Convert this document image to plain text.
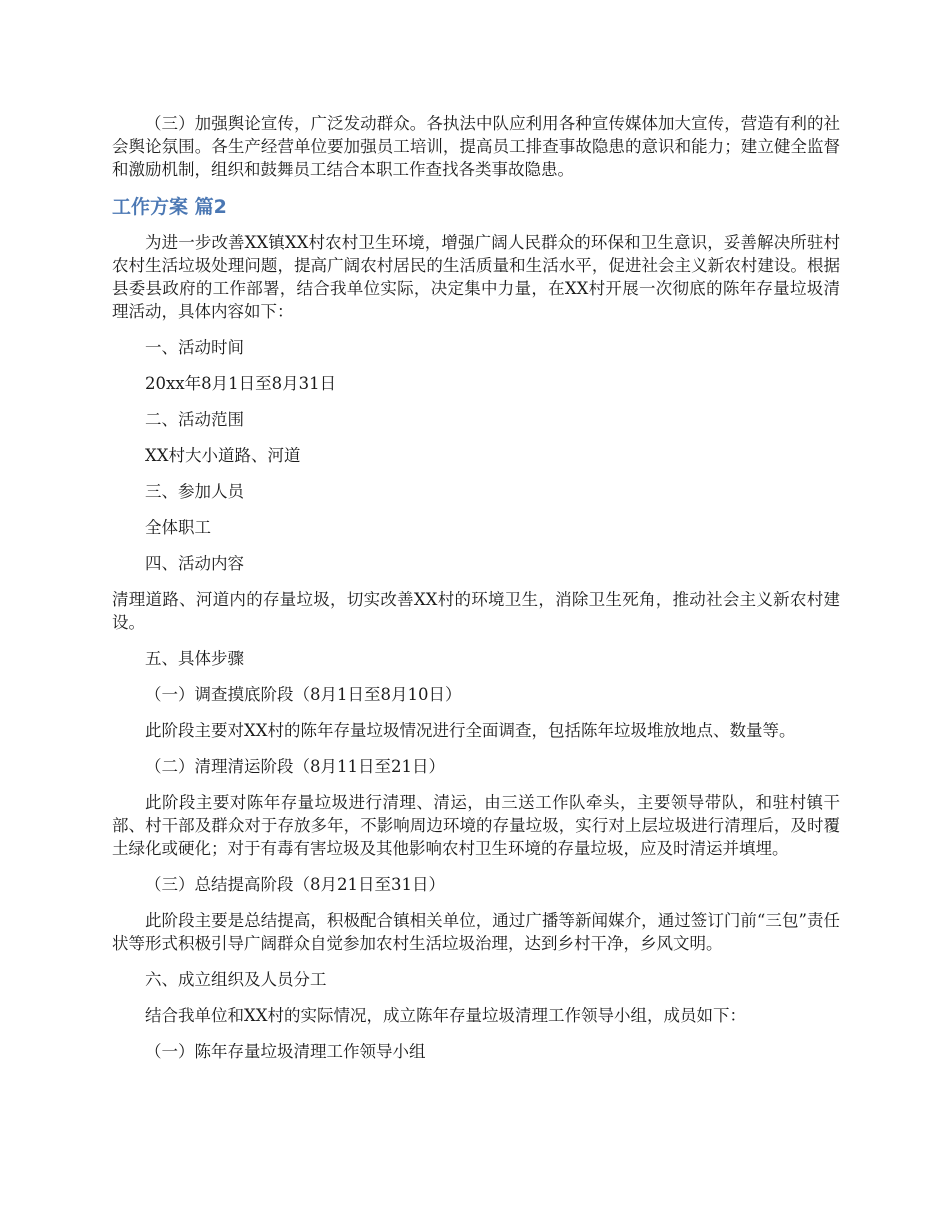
（三）加强舆论宣传，广泛发动群众。各执法中队应利用各种宣传媒体加大宣传，营造有利的社会舆论氛围。各生产经营单位要加强员工培训，提高员工排查事故隐患的意识和能力；建立健全监督和激励机制，组织和鼓舞员工结合本职工作查找各类事故隐患。

工作方案 篇2

为进一步改善XX镇XX村农村卫生环境，增强广阔人民群众的环保和卫生意识，妥善解决所驻村农村生活垃圾处理问题，提高广阔农村居民的生活质量和生活水平，促进社会主义新农村建设。根据县委县政府的工作部署，结合我单位实际，决定集中力量，在XX村开展一次彻底的陈年存量垃圾清理活动，具体内容如下：

一、活动时间

20xx年8月1日至8月31日

二、活动范围

XX村大小道路、河道

三、参加人员

全体职工

四、活动内容

清理道路、河道内的存量垃圾，切实改善XX村的环境卫生，消除卫生死角，推动社会主义新农村建设。

五、具体步骤

（一）调查摸底阶段（8月1日至8月10日）

此阶段主要对XX村的陈年存量垃圾情况进行全面调查，包括陈年垃圾堆放地点、数量等。

（二）清理清运阶段（8月11日至21日）

此阶段主要对陈年存量垃圾进行清理、清运，由三送工作队牵头，主要领导带队，和驻村镇干部、村干部及群众对于存放多年，不影响周边环境的存量垃圾，实行对上层垃圾进行清理后，及时覆土绿化或硬化；对于有毒有害垃圾及其他影响农村卫生环境的存量垃圾，应及时清运并填埋。

（三）总结提高阶段（8月21日至31日）

此阶段主要是总结提高，积极配合镇相关单位，通过广播等新闻媒介，通过签订门前“三包”责任状等形式积极引导广阔群众自觉参加农村生活垃圾治理，达到乡村干净，乡风文明。

六、成立组织及人员分工

结合我单位和XX村的实际情况，成立陈年存量垃圾清理工作领导小组，成员如下：

（一）陈年存量垃圾清理工作领导小组
